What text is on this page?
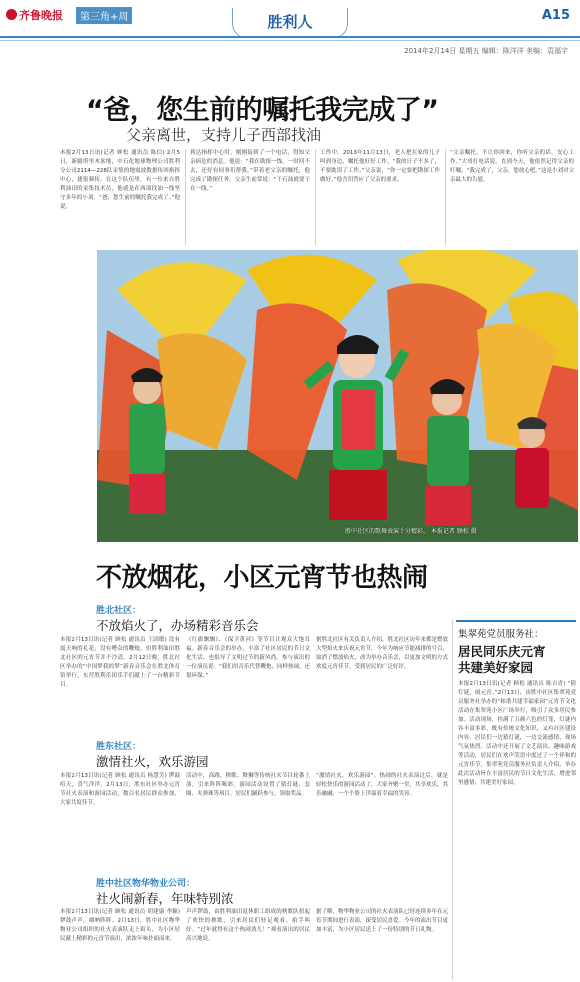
齐鲁晚报	第三角+周	胜利人	A15
2014年2月14日 星期五 编辑：陈洋洋 美编：袁福宇
“爸，您生前的嘱托我完成了”
父亲离世，支持儿子西部找油
本报2月13日讯(记者 顾松 通讯员 陈信) 2月5日，新疆塔里木盆地，中石化地球物理公司胜利分公司2114—228队采集的地震波数据传回指挥中心，捷报频传。在这个队伍里，有一位来自胜利油田的采集技术员，他就是在西部找油一线坚守多年的小刘。“爸，您生前的嘱托我完成了。”他说。
到达指挥中心时，刚刚接到了一个电话，得知父亲病危的消息。他说：“我在勘探一线，一时回不去，还好有同事们帮我。”带着老父亲的嘱托，他完成了勘探任务。父亲生前常说：“干石油就要干在一线。”
工作中。2013年11月13日，老人把在家的儿子叫到身边，嘱托他好好工作。“我的日子不多了，不要耽误了工作。”父亲说，“你一定要把勘探工作做好。”他含泪答应了父亲的要求。
“父亲嘱托，不让你回来，你听父亲的话，安心工作。”大哥打电话说。直到今天，他依然记得父亲的叮嘱。“我完成了，父亲，您放心吧。”这是小刘对父亲最大的告慰。
胜中社区的歌舞表演十分精彩。 本报记者 顾松 摄
不放烟花，小区元宵节也热闹
胜北社区：
不放焰火了，办场精彩音乐会
本报2月13日讯(记者 顾松 通讯员 王国敏) 没有震天响的礼花，没有嘈杂的鞭炮，但胜利油田胜北社区的元宵节并不冷清。2月12日晚，胜北社区举办的“中国梦我的梦”新春音乐会在胜北体育馆举行，东营胜利乐团乐手们献上了一台精彩节目。
《红旗飘飘》、《保卫黄河》等节目让观众大饱耳福。新春音乐会的举办，丰富了社区居民的节日文化生活，也倡导了文明过节的新风尚。参与演出的一位演员说：“我们用音乐代替鞭炮，同样热闹，还很环保。”
据胜北社区有关负责人介绍，胜北社区历年来都是燃放大型焰火来庆祝元宵节，今年为响应节能减排的号召，取消了燃放焰火，改为举办音乐会，以更加文明的方式欢度元宵佳节，受到居民的广泛好评。
胜东社区：
激情社火，欢乐游园
本报2月13日讯(记者 顾松 通讯员 杨慧芳) 锣鼓喧天，喜气洋洋。2月13日，胜东社区举办元宵节社火表演和游园活动，数百名居民群众参加，大家共度佳节。
活动中，高跷、秧歌、舞狮等传统社火节目轮番上演，引来阵阵喝彩。游园活动设置了猜灯谜、套圈、夹弹珠等项目，居民们踊跃参与，领取奖品。
“激情社火，欢乐游园”。热闹的社火表演过后，就是轻松快乐的游园活动了，大家齐聚一堂，共享欢乐，其乐融融，一个个脸上洋溢着幸福的笑容。
胜中社区物华物业公司：
社火闹新春，年味特别浓
本报2月13日讯(记者 顾松 通讯员 胡建康 李颖) 锣鼓声声，唢呐阵阵。2月13日，胜中社区物华物业公司组织的社火表演队走上街头，为小区居民献上精彩的元宵节演出，浓浓年味扑面而来。
声声锣鼓，由胜利油田退休职工组成的秧歌队扭起了欢快的秧歌，引来居民们驻足观看、拍手叫好。“过年就得有这个热闹劲儿！”观看演出的居民高兴地说。
据了解，物华物业公司的社火表演队已经连续多年在元宵节期间进行表演，深受居民喜爱。今年的演出节目更加丰富，为小区居民送上了一份特别的节日礼物。
集翠苑党员服务社：
居民同乐庆元宵
共建美好家园
本报2月13日讯(记者 顾松 通讯员 陈吉青) “猜灯谜，闹元宵。”2月13日，由胜中社区集翠苑党员服务社举办的“和谐共建幸福家园”元宵节文化活动在集翠苑小区广场举行，吸引了众多居民参加。活动现场，挂满了五颜六色的灯笼，灯谜内容丰富多彩，既有传统文化知识，又有社区建设内容，居民们一边猜灯谜，一边交流感情，现场气氛热烈。活动中还开展了文艺演出、趣味游戏等活动，居民们在欢声笑语中度过了一个祥和的元宵佳节。集翠苑党员服务社负责人介绍，举办此次活动旨在丰富居民的节日文化生活，增进邻里感情，共建美好家园。
